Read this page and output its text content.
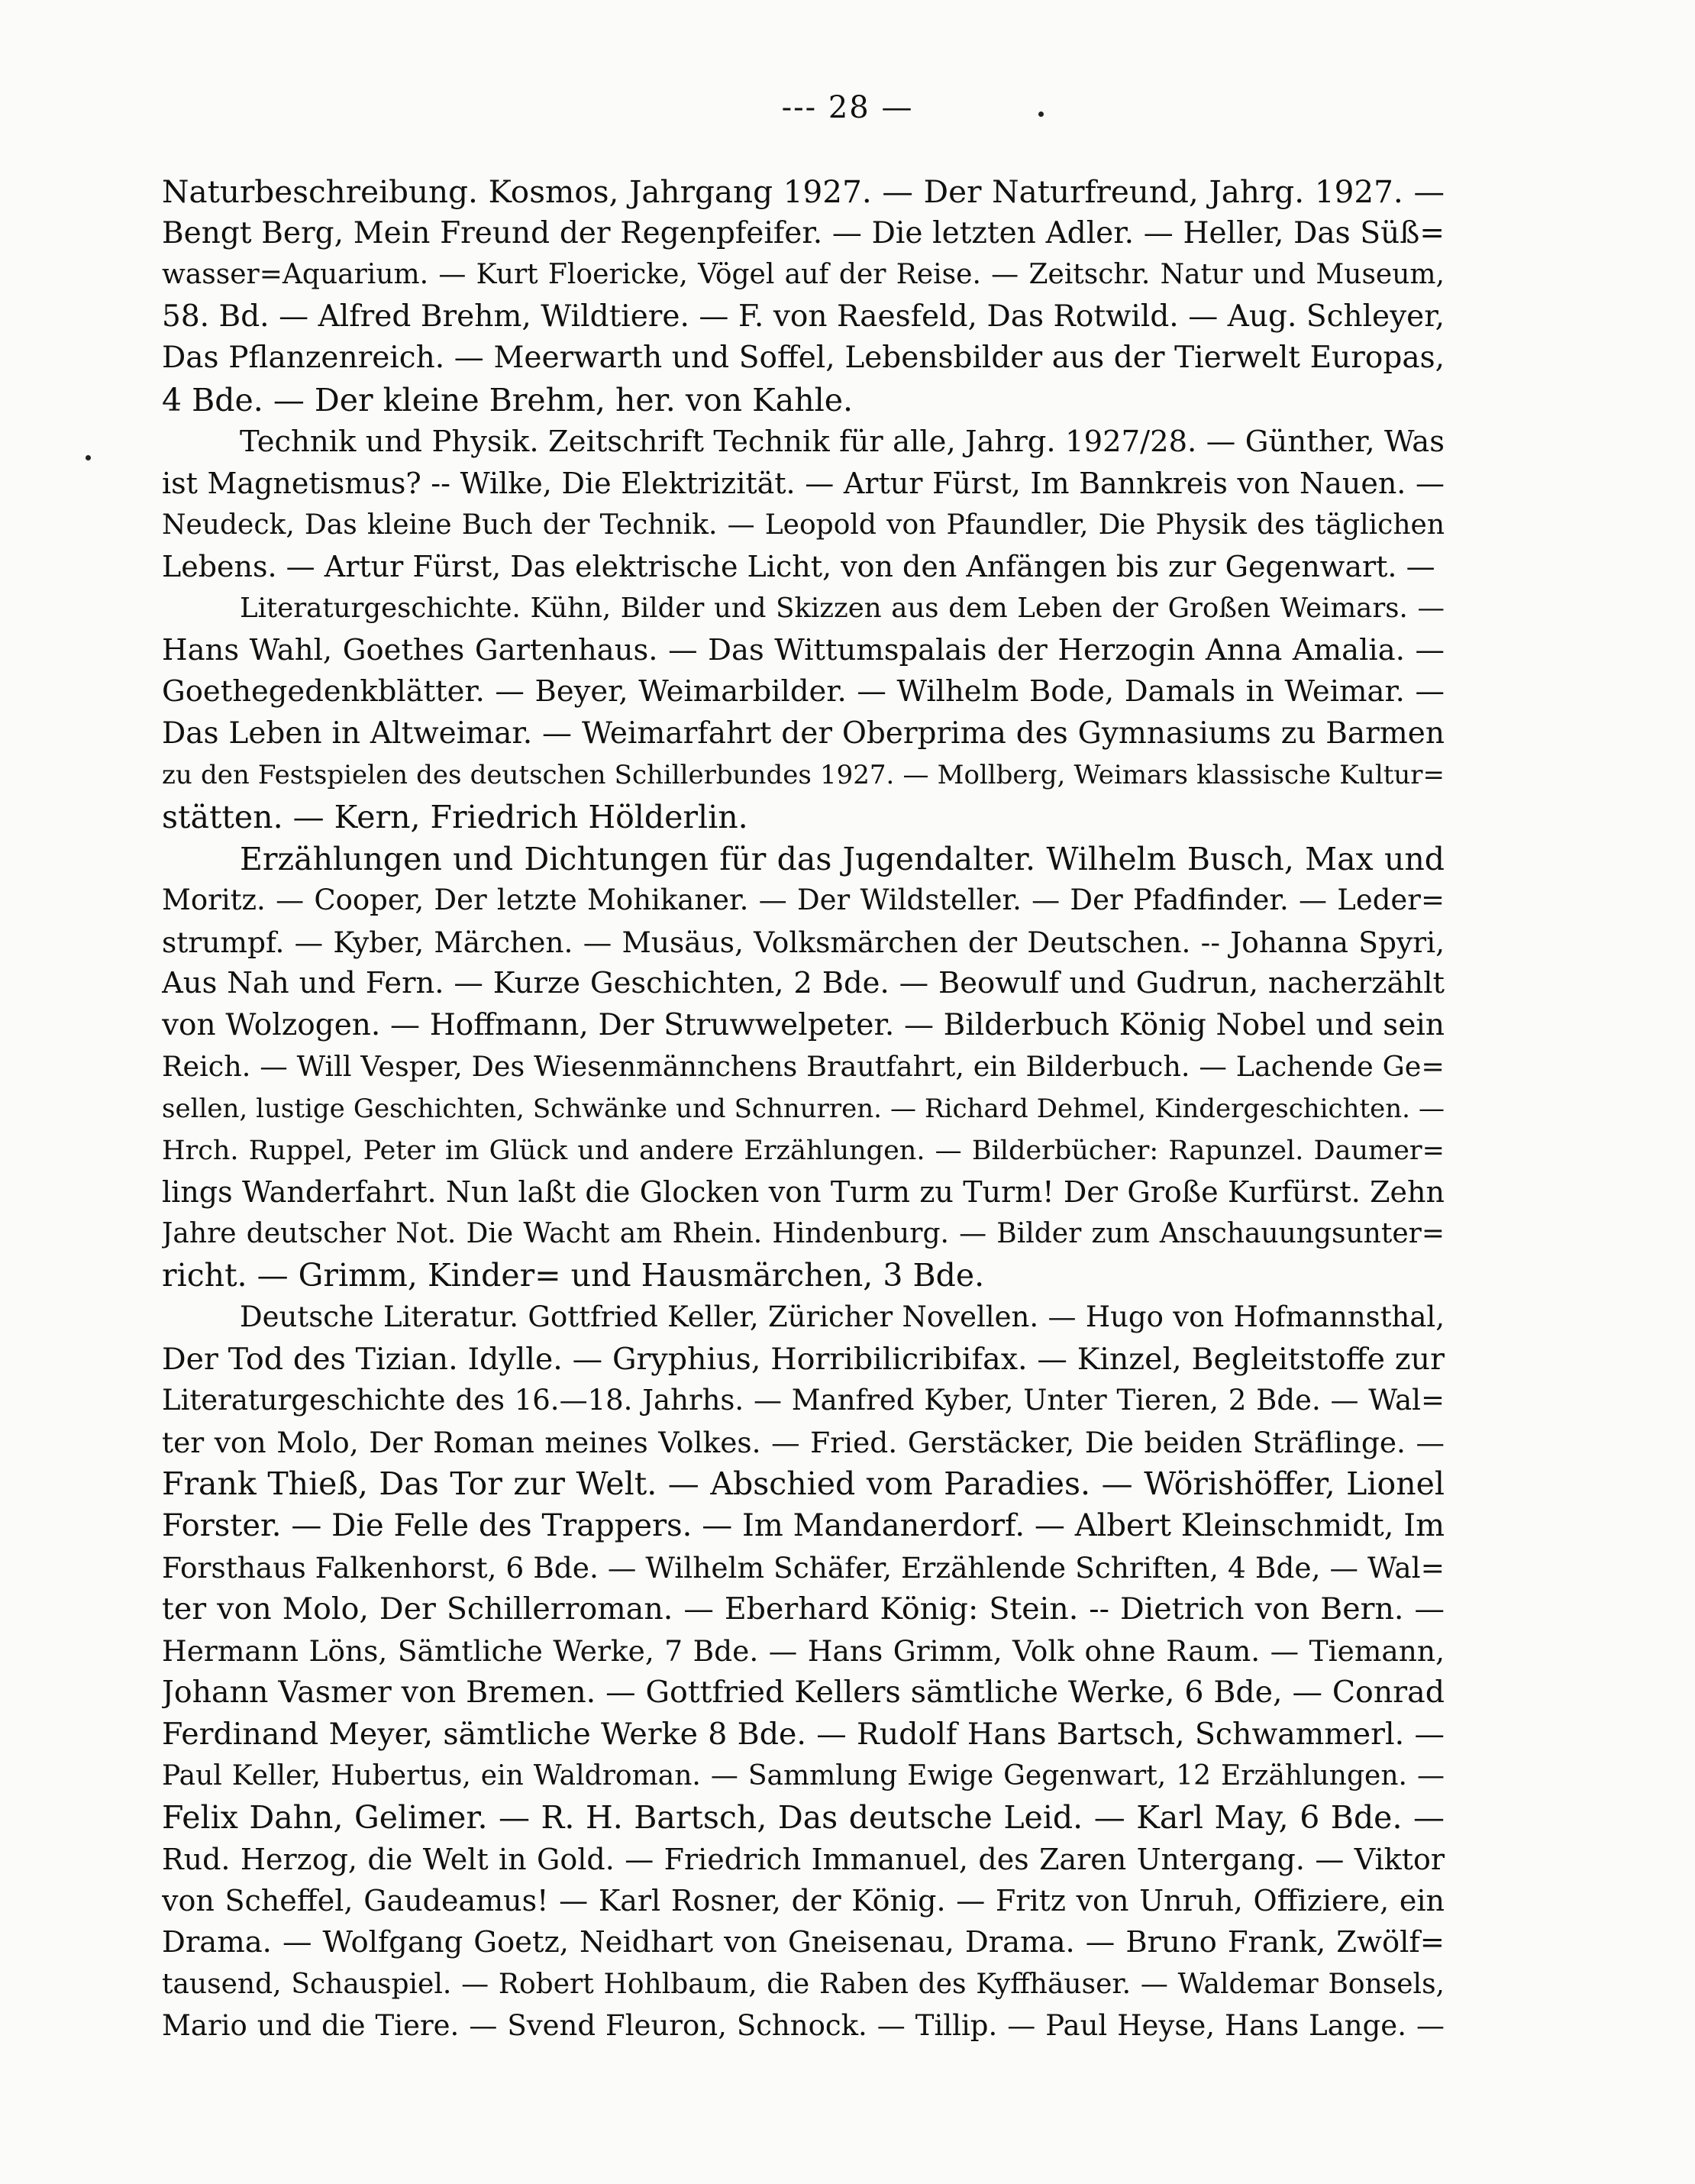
--- 28 —
Naturbeschreibung. Kosmos, Jahrgang 1927. — Der Naturfreund, Jahrg. 1927. —
Bengt Berg, Mein Freund der Regenpfeifer. — Die letzten Adler. — Heller, Das Süß=
wasser=Aquarium. — Kurt Floericke, Vögel auf der Reise. — Zeitschr. Natur und Museum,
58. Bd. — Alfred Brehm, Wildtiere. — F. von Raesfeld, Das Rotwild. — Aug. Schleyer,
Das Pflanzenreich. — Meerwarth und Soffel, Lebensbilder aus der Tierwelt Europas,
4 Bde. — Der kleine Brehm, her. von Kahle.
Technik und Physik. Zeitschrift Technik für alle, Jahrg. 1927/28. — Günther, Was
ist Magnetismus? -- Wilke, Die Elektrizität. — Artur Fürst, Im Bannkreis von Nauen. —
Neudeck, Das kleine Buch der Technik. — Leopold von Pfaundler, Die Physik des täglichen
Lebens. — Artur Fürst, Das elektrische Licht, von den Anfängen bis zur Gegenwart. —
Literaturgeschichte. Kühn, Bilder und Skizzen aus dem Leben der Großen Weimars. —
Hans Wahl, Goethes Gartenhaus. — Das Wittumspalais der Herzogin Anna Amalia. —
Goethegedenkblätter. — Beyer, Weimarbilder. — Wilhelm Bode, Damals in Weimar. —
Das Leben in Altweimar. — Weimarfahrt der Oberprima des Gymnasiums zu Barmen
zu den Festspielen des deutschen Schillerbundes 1927. — Mollberg, Weimars klassische Kultur=
stätten. — Kern, Friedrich Hölderlin.
Erzählungen und Dichtungen für das Jugendalter. Wilhelm Busch, Max und
Moritz. — Cooper, Der letzte Mohikaner. — Der Wildsteller. — Der Pfadfinder. — Leder=
strumpf. — Kyber, Märchen. — Musäus, Volksmärchen der Deutschen. -- Johanna Spyri,
Aus Nah und Fern. — Kurze Geschichten, 2 Bde. — Beowulf und Gudrun, nacherzählt
von Wolzogen. — Hoffmann, Der Struwwelpeter. — Bilderbuch König Nobel und sein
Reich. — Will Vesper, Des Wiesenmännchens Brautfahrt, ein Bilderbuch. — Lachende Ge=
sellen, lustige Geschichten, Schwänke und Schnurren. — Richard Dehmel, Kindergeschichten. —
Hrch. Ruppel, Peter im Glück und andere Erzählungen. — Bilderbücher: Rapunzel. Daumer=
lings Wanderfahrt. Nun laßt die Glocken von Turm zu Turm! Der Große Kurfürst. Zehn
Jahre deutscher Not. Die Wacht am Rhein. Hindenburg. — Bilder zum Anschauungsunter=
richt. — Grimm, Kinder= und Hausmärchen, 3 Bde.
Deutsche Literatur. Gottfried Keller, Züricher Novellen. — Hugo von Hofmannsthal,
Der Tod des Tizian. Idylle. — Gryphius, Horribilicribifax. — Kinzel, Begleitstoffe zur
Literaturgeschichte des 16.—18. Jahrhs. — Manfred Kyber, Unter Tieren, 2 Bde. — Wal=
ter von Molo, Der Roman meines Volkes. — Fried. Gerstäcker, Die beiden Sträflinge. —
Frank Thieß, Das Tor zur Welt. — Abschied vom Paradies. — Wörishöffer, Lionel
Forster. — Die Felle des Trappers. — Im Mandanerdorf. — Albert Kleinschmidt, Im
Forsthaus Falkenhorst, 6 Bde. — Wilhelm Schäfer, Erzählende Schriften, 4 Bde, — Wal=
ter von Molo, Der Schillerroman. — Eberhard König: Stein. -- Dietrich von Bern. —
Hermann Löns, Sämtliche Werke, 7 Bde. — Hans Grimm, Volk ohne Raum. — Tiemann,
Johann Vasmer von Bremen. — Gottfried Kellers sämtliche Werke, 6 Bde, — Conrad
Ferdinand Meyer, sämtliche Werke 8 Bde. — Rudolf Hans Bartsch, Schwammerl. —
Paul Keller, Hubertus, ein Waldroman. — Sammlung Ewige Gegenwart, 12 Erzählungen. —
Felix Dahn, Gelimer. — R. H. Bartsch, Das deutsche Leid. — Karl May, 6 Bde. —
Rud. Herzog, die Welt in Gold. — Friedrich Immanuel, des Zaren Untergang. — Viktor
von Scheffel, Gaudeamus! — Karl Rosner, der König. — Fritz von Unruh, Offiziere, ein
Drama. — Wolfgang Goetz, Neidhart von Gneisenau, Drama. — Bruno Frank, Zwölf=
tausend, Schauspiel. — Robert Hohlbaum, die Raben des Kyffhäuser. — Waldemar Bonsels,
Mario und die Tiere. — Svend Fleuron, Schnock. — Tillip. — Paul Heyse, Hans Lange. —
